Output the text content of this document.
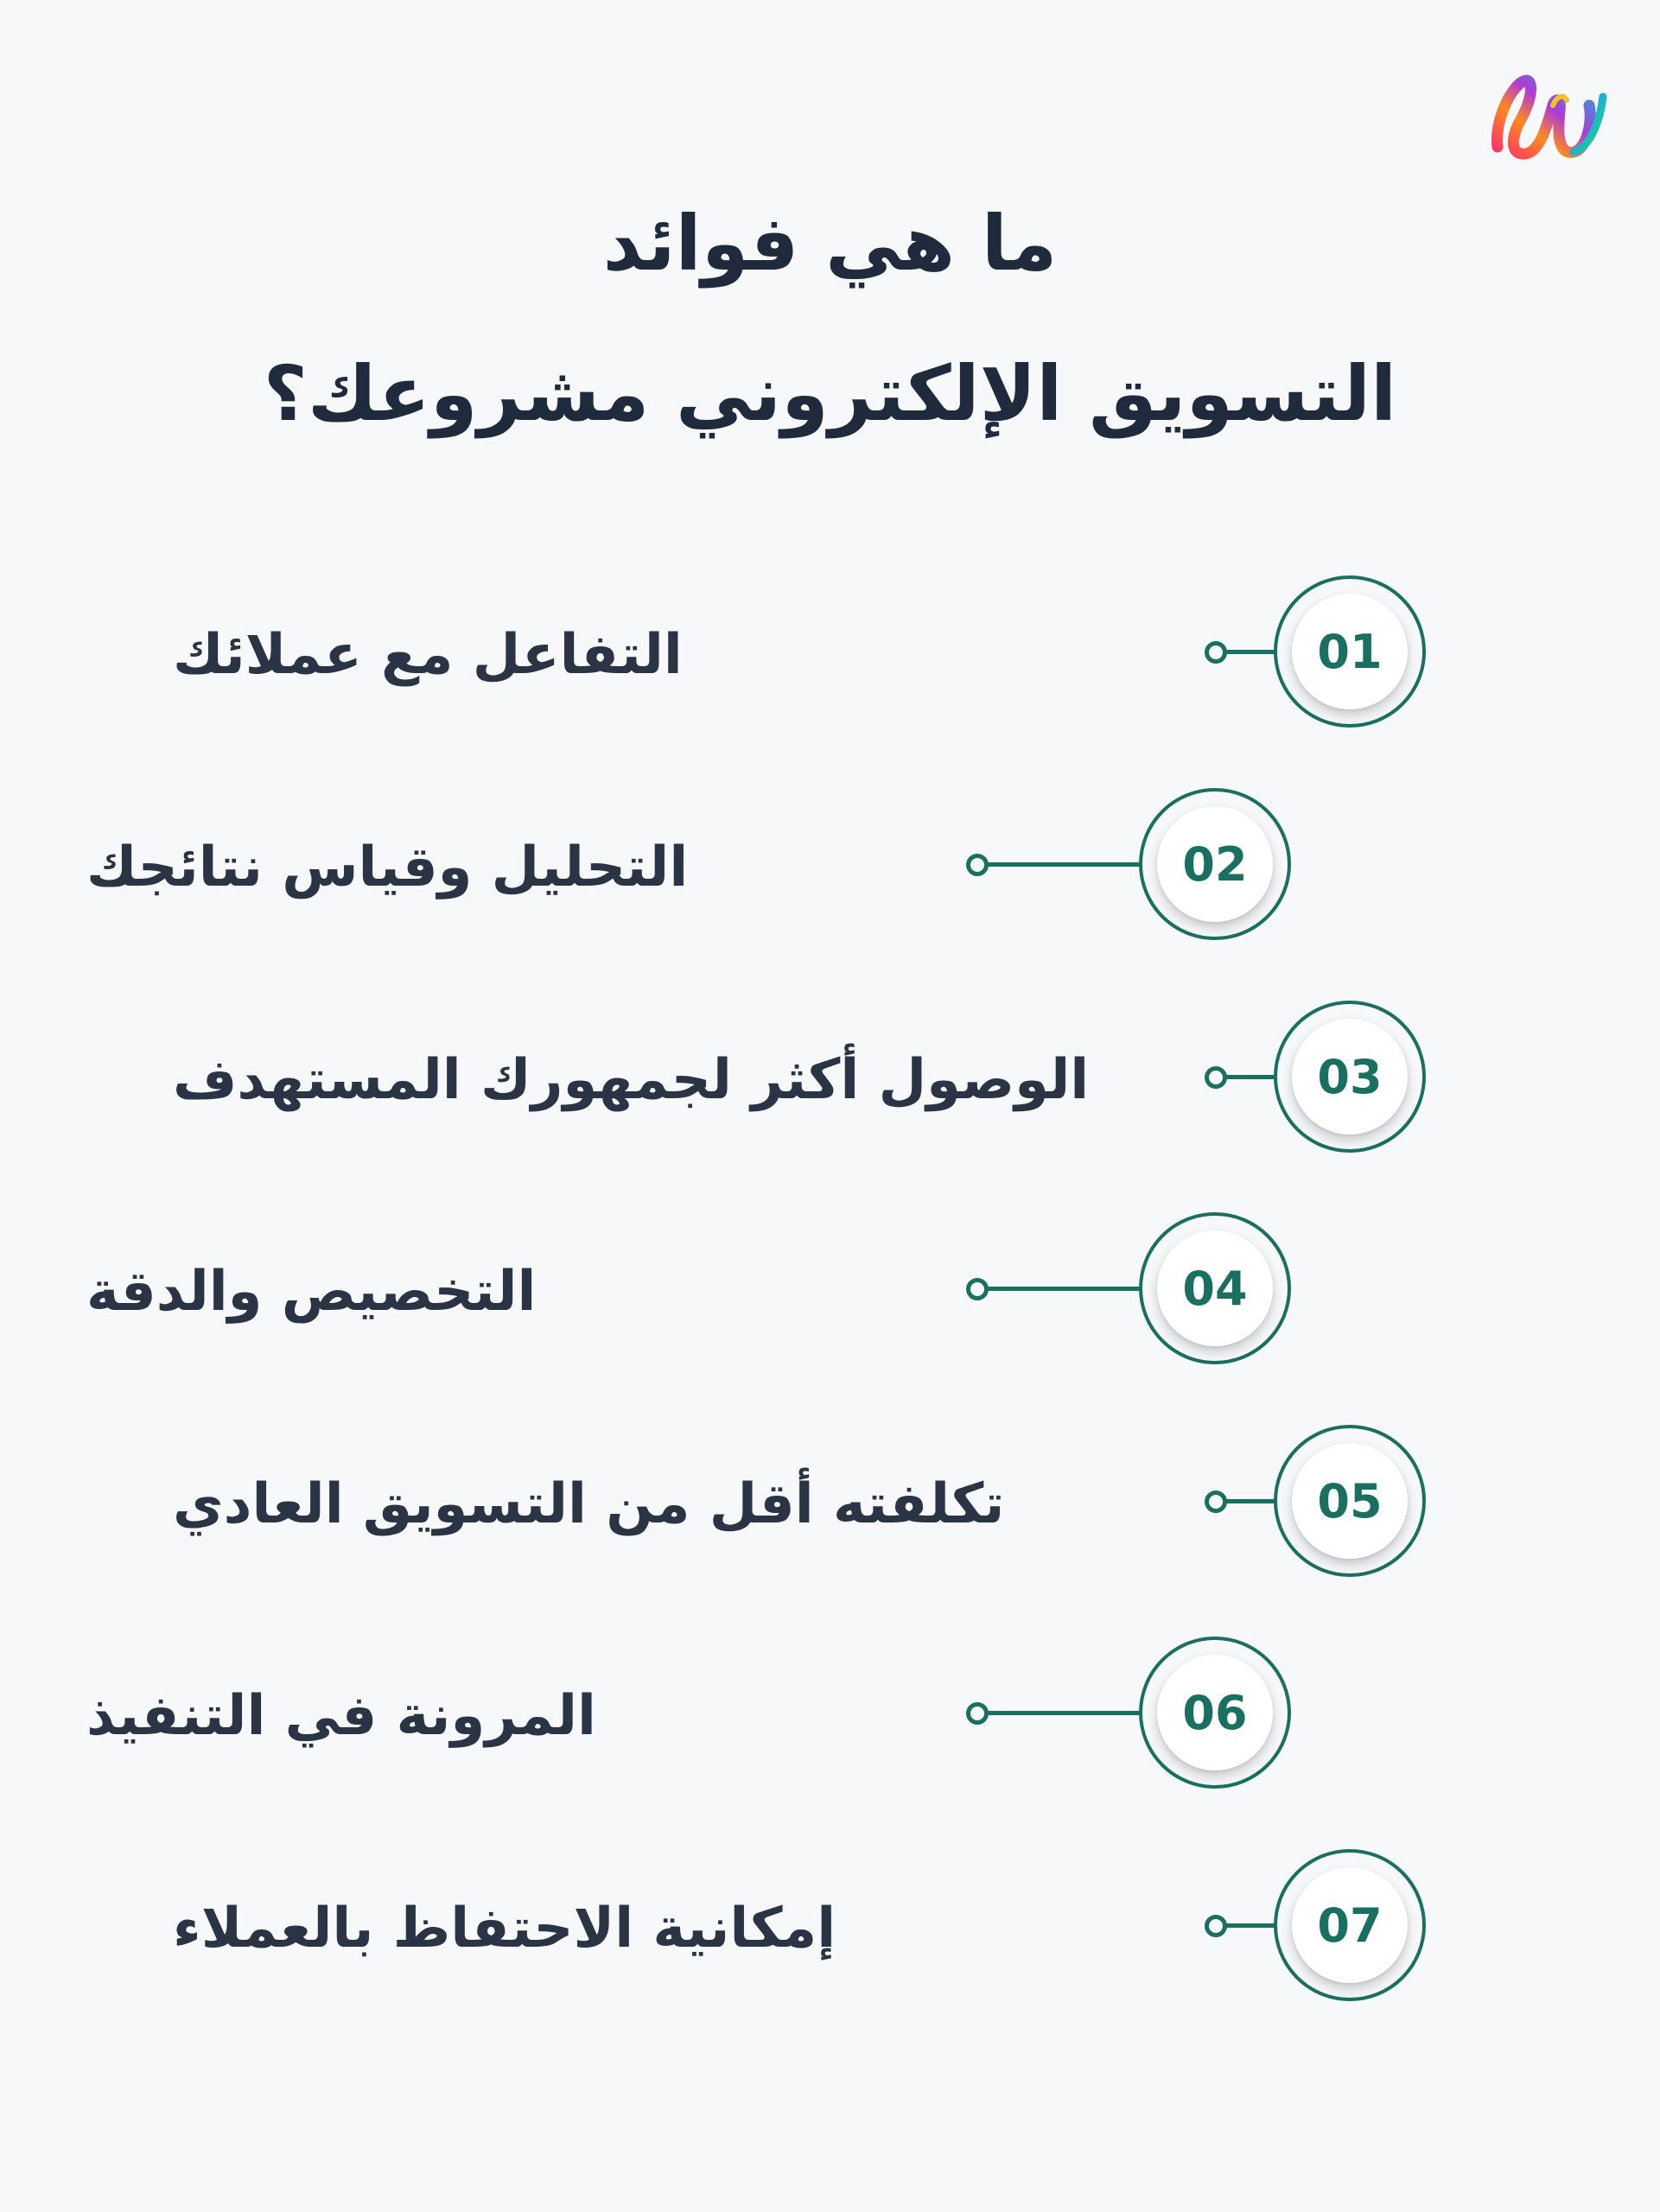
ما هي فوائد
التسويق الإلكتروني مشروعك؟
01
التفاعل مع عملائك
02
التحليل وقياس نتائجك
03
الوصول أكثر لجمهورك المستهدف
04
التخصيص والدقة
05
تكلفته أقل من التسويق العادي
06
المرونة في التنفيذ
07
إمكانية الاحتفاظ بالعملاء
